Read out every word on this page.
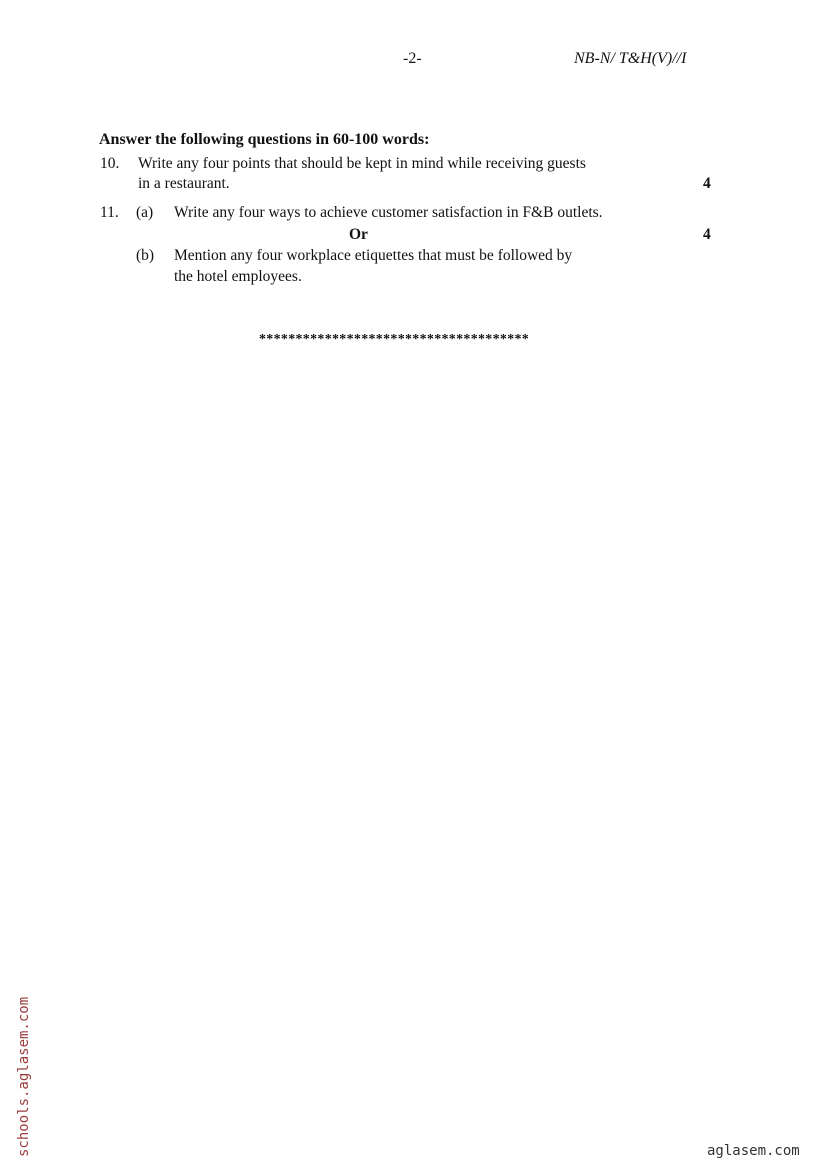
-2-	NB-N/ T&H(V)//I
Answer the following questions in 60-100 words:
10. Write any four points that should be kept in mind while receiving guests
in a restaurant.	4
11. (a) Write any four ways to achieve customer satisfaction in F&B outlets.
Or	4
(b) Mention any four workplace etiquettes that must be followed by
the hotel employees.
*************************************
schools.aglasem.com	aglasem.com
